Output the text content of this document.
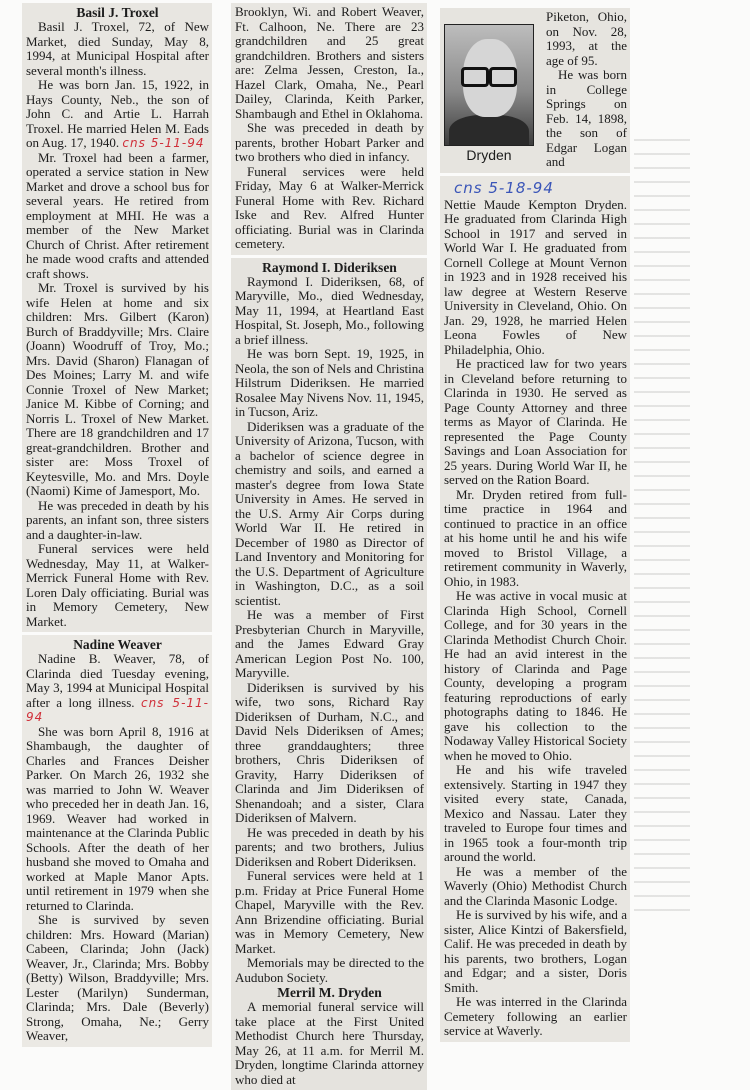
Basil J. Troxel

Basil J. Troxel, 72, of New Market, died Sunday, May 8, 1994, at Municipal Hospital after several month's illness.

He was born Jan. 15, 1922, in Hays County, Neb., the son of John C. and Artie L. Harrah Troxel. He married Helen M. Eads on Aug. 17, 1940. cns 5-11-94

Mr. Troxel had been a farmer, operated a service station in New Market and drove a school bus for several years. He retired from employment at MHI. He was a member of the New Market Church of Christ. After retirement he made wood crafts and attended craft shows.

Mr. Troxel is survived by his wife Helen at home and six children: Mrs. Gilbert (Karon) Burch of Braddyville; Mrs. Claire (Joann) Woodruff of Troy, Mo.; Mrs. David (Sharon) Flanagan of Des Moines; Larry M. and wife Connie Troxel of New Market; Janice M. Kibbe of Corning; and Norris L. Troxel of New Market. There are 18 grandchildren and 17 great-grandchildren. Brother and sister are: Moss Troxel of Keytesville, Mo. and Mrs. Doyle (Naomi) Kime of Jamesport, Mo.

He was preceded in death by his parents, an infant son, three sisters and a daughter-in-law.

Funeral services were held Wednesday, May 11, at Walker-Merrick Funeral Home with Rev. Loren Daly officiating. Burial was in Memory Cemetery, New Market.

Nadine Weaver

Nadine B. Weaver, 78, of Clarinda died Tuesday evening, May 3, 1994 at Municipal Hospital after a long illness. cns 5-11-94

She was born April 8, 1916 at Shambaugh, the daughter of Charles and Frances Deisher Parker. On March 26, 1932 she was married to John W. Weaver who preceded her in death Jan. 16, 1969. Weaver had worked in maintenance at the Clarinda Public Schools. After the death of her husband she moved to Omaha and worked at Maple Manor Apts. until retirement in 1979 when she returned to Clarinda.

She is survived by seven children: Mrs. Howard (Marian) Cabeen, Clarinda; John (Jack) Weaver, Jr., Clarinda; Mrs. Bobby (Betty) Wilson, Braddyville; Mrs. Lester (Marilyn) Sunderman, Clarinda; Mrs. Dale (Beverly) Strong, Omaha, Ne.; Gerry Weaver,

Brooklyn, Wi. and Robert Weaver, Ft. Calhoon, Ne. There are 23 grandchildren and 25 great grandchildren. Brothers and sisters are: Zelma Jessen, Creston, Ia., Hazel Clark, Omaha, Ne., Pearl Dailey, Clarinda, Keith Parker, Shambaugh and Ethel in Oklahoma.

She was preceded in death by parents, brother Hobart Parker and two brothers who died in infancy.

Funeral services were held Friday, May 6 at Walker-Merrick Funeral Home with Rev. Richard Iske and Rev. Alfred Hunter officiating. Burial was in Clarinda cemetery.

Raymond I. Dideriksen

Raymond I. Dideriksen, 68, of Maryville, Mo., died Wednesday, May 11, 1994, at Heartland East Hospital, St. Joseph, Mo., following a brief illness.

He was born Sept. 19, 1925, in Neola, the son of Nels and Christina Hilstrum Dideriksen. He married Rosalee May Nivens Nov. 11, 1945, in Tucson, Ariz.

Dideriksen was a graduate of the University of Arizona, Tucson, with a bachelor of science degree in chemistry and soils, and earned a master's degree from Iowa State University in Ames. He served in the U.S. Army Air Corps during World War II. He retired in December of 1980 as Director of Land Inventory and Monitoring for the U.S. Department of Agriculture in Washington, D.C., as a soil scientist.

He was a member of First Presbyterian Church in Maryville, and the James Edward Gray American Legion Post No. 100, Maryville.

Dideriksen is survived by his wife, two sons, Richard Ray Dideriksen of Durham, N.C., and David Nels Dideriksen of Ames; three granddaughters; three brothers, Chris Dideriksen of Gravity, Harry Dideriksen of Clarinda and Jim Dideriksen of Shenandoah; and a sister, Clara Dideriksen of Malvern.

He was preceded in death by his parents; and two brothers, Julius Dideriksen and Robert Dideriksen.

Funeral services were held at 1 p.m. Friday at Price Funeral Home Chapel, Maryville with the Rev. Ann Brizendine officiating. Burial was in Memory Cemetery, New Market.

Memorials may be directed to the Audubon Society.

Merril M. Dryden

A memorial funeral service will take place at the First United Methodist Church here Thursday, May 26, at 11 a.m. for Merril M. Dryden, longtime Clarinda attorney who died at

Dryden

Piketon, Ohio, on Nov. 28, 1993, at the age of 95.

He was born in College Springs on Feb. 14, 1898, the son of Edgar Logan and

cns 5-18-94

Nettie Maude Kempton Dryden. He graduated from Clarinda High School in 1917 and served in World War I. He graduated from Cornell College at Mount Vernon in 1923 and in 1928 received his law degree at Western Reserve University in Cleveland, Ohio. On Jan. 29, 1928, he married Helen Leona Fowles of New Philadelphia, Ohio.

He practiced law for two years in Cleveland before returning to Clarinda in 1930. He served as Page County Attorney and three terms as Mayor of Clarinda. He represented the Page County Savings and Loan Association for 25 years. During World War II, he served on the Ration Board.

Mr. Dryden retired from full-time practice in 1964 and continued to practice in an office at his home until he and his wife moved to Bristol Village, a retirement community in Waverly, Ohio, in 1983.

He was active in vocal music at Clarinda High School, Cornell College, and for 30 years in the Clarinda Methodist Church Choir. He had an avid interest in the history of Clarinda and Page County, developing a program featuring reproductions of early photographs dating to 1846. He gave his collection to the Nodaway Valley Historical Society when he moved to Ohio.

He and his wife traveled extensively. Starting in 1947 they visited every state, Canada, Mexico and Nassau. Later they traveled to Europe four times and in 1965 took a four-month trip around the world.

He was a member of the Waverly (Ohio) Methodist Church and the Clarinda Masonic Lodge.

He is survived by his wife, and a sister, Alice Kintzi of Bakersfield, Calif. He was preceded in death by his parents, two brothers, Logan and Edgar; and a sister, Doris Smith.

He was interred in the Clarinda Cemetery following an earlier service at Waverly.
